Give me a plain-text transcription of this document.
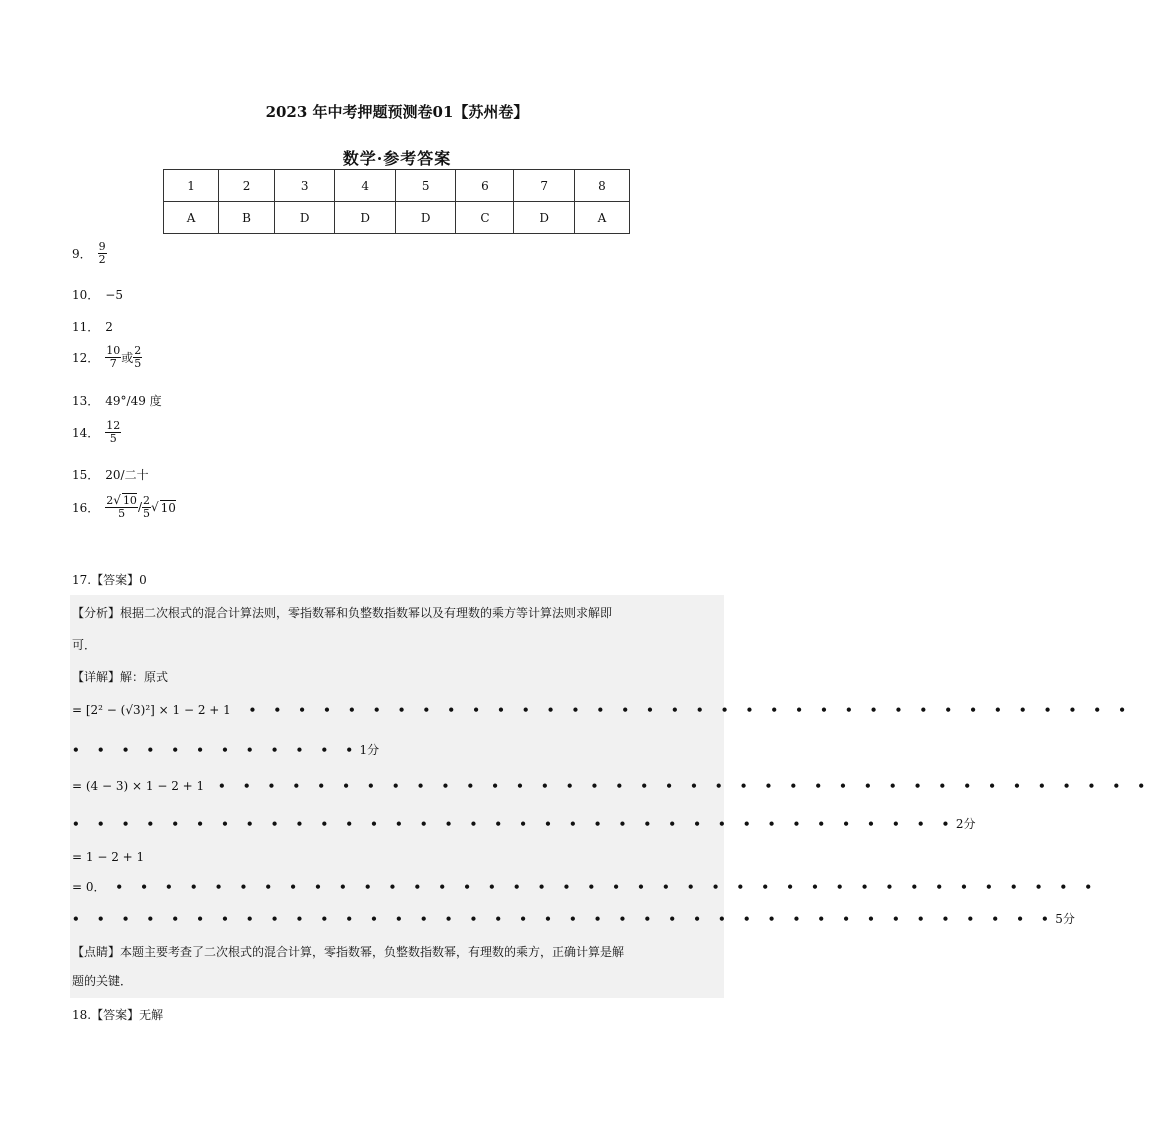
2023 年中考押题预测卷01【苏州卷】
数学·参考答案
1	2	3	4	5	6	7	8
A	B	D	D	D	C	D	A
9． $\frac{9}{2}$
10． −5
11． 2
12． $\frac{10}{7}$ 或 $\frac{2}{5}$
13． 49°/49 度
14． $\frac{12}{5}$
15． 20/二十
16． $\frac{2√ 10}{5} / \frac{2}{5}$ √ 10
17.【答案】0
【分析】根据二次根式的混合计算法则，零指数幂和负整数指数幂以及有理数的乘方等计算法则求解即
可．
【详解】解：原式
= [2² − (√3)²] × 1 − 2 + 1 • • • • • • • • • • • • • • • • • • • • • • • • • • • • • • • • • • • •
• • • • • • • • • • • •1分
= (4 − 3) × 1 − 2 + 1 • • • • • • • • • • • • • • • • • • • • • • • • • • • • • • • • • • • • • •
• • • • • • • • • • • • • • • • • • • • • • • • • • • • • • • • • • • •2分
= 1 − 2 + 1
= 0． • • • • • • • • • • • • • • • • • • • • • • • • • • • • • • • • • • • • • • • •
• • • • • • • • • • • • • • • • • • • • • • • • • • • • • • • • • • • • • • • •5分
【点睛】本题主要考查了二次根式的混合计算，零指数幂，负整数指数幂，有理数的乘方，正确计算是解
题的关键．
18.【答案】无解
